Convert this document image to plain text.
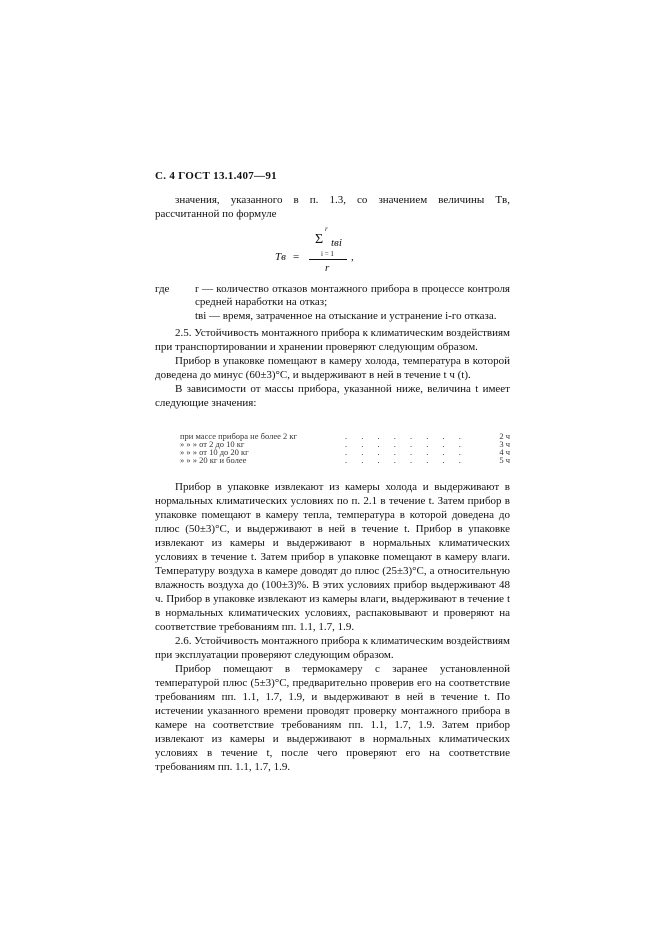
С. 4 ГОСТ 13.1.407—91

значения, указанного в п. 1.3, со значением величины Tв, рассчитанной по формуле

Tв =
r
Σ tвi
i = 1
r
,
где	r — количество отказов монтажного прибора в процессе контроля средней наработки на отказ;
tвi — время, затраченное на отыскание и устранение i-го отказа.

2.5. Устойчивость монтажного прибора к климатическим воздействиям при транспортировании и хранении проверяют следующим образом.

Прибор в упаковке помещают в камеру холода, температура в которой доведена до минус (60±3)°С, и выдерживают в ней в течение t ч (t).

В зависимости от массы прибора, указанной ниже, величина t имеет следующие значения:

при массе прибора не более 2 кг	. . . . . . . .	2 ч
» » » от 2 до 10 кг	. . . . . . . .	3 ч
» » » от 10 до 20 кг	. . . . . . . .	4 ч
» » » 20 кг и более	. . . . . . . .	5 ч

Прибор в упаковке извлекают из камеры холода и выдерживают в нормальных климатических условиях по п. 2.1 в течение t. Затем прибор в упаковке помещают в камеру тепла, температура в которой доведена до плюс (50±3)°С, и выдерживают в ней в течение t. Прибор в упаковке извлекают из камеры и выдерживают в нормальных климатических условиях в течение t. Затем прибор в упаковке помещают в камеру влаги. Температуру воздуха в камере доводят до плюс (25±3)°С, а относительную влажность воздуха до (100±3)%. В этих условиях прибор выдерживают 48 ч. Прибор в упаковке извлекают из камеры влаги, выдерживают в течение t в нормальных климатических условиях, распаковывают и проверяют на соответствие требованиям пп. 1.1, 1.7, 1.9.

2.6. Устойчивость монтажного прибора к климатическим воздействиям при эксплуатации проверяют следующим образом.

Прибор помещают в термокамеру с заранее установленной температурой плюс (5±3)°С, предварительно проверив его на соответствие требованиям пп. 1.1, 1.7, 1.9, и выдерживают в ней в течение t. По истечении указанного времени проводят проверку монтажного прибора в камере на соответствие требованиям пп. 1.1, 1.7, 1.9. Затем прибор извлекают из камеры и выдерживают в нормальных климатических условиях в течение t, после чего проверяют его на соответствие требованиям пп. 1.1, 1.7, 1.9.
